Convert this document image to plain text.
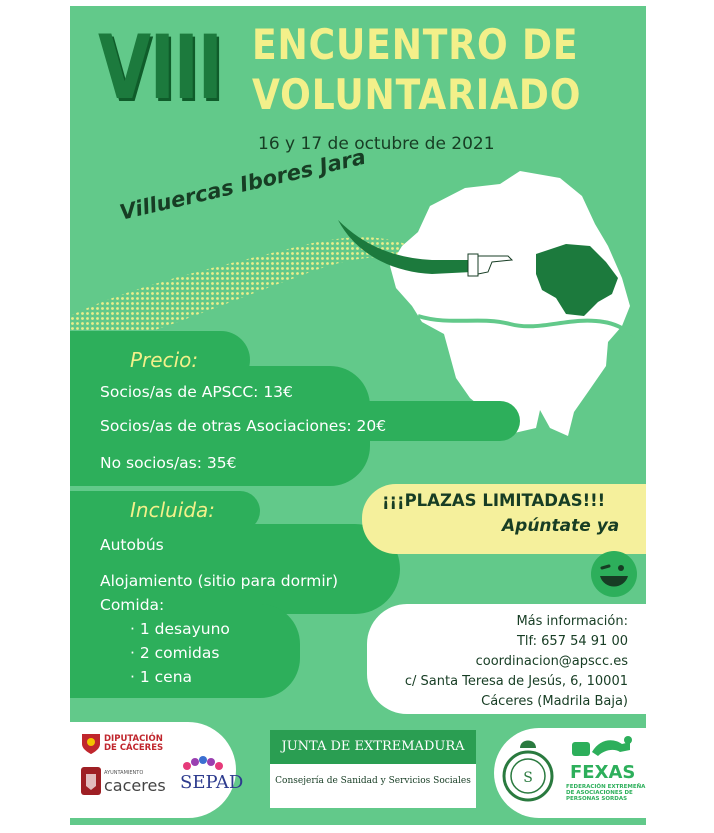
VIII ENCUENTRO DE
VOLUNTARIADO
16 y 17 de octubre de 2021
Villuercas Ibores Jara
Precio:
Socios/as de APSCC: 13€
Socios/as de otras Asociaciones: 20€
No socios/as: 35€
Incluida:
Autobús
Alojamiento (sitio para dormir)
Comida:
· 1 desayuno
· 2 comidas
· 1 cena
¡¡¡PLAZAS LIMITADAS!!!
Apúntate ya
Más información:
Tlf: 657 54 91 00
coordinacion@apscc.es
c/ Santa Teresa de Jesús, 6, 10001
Cáceres (Madrila Baja)
DIPUTACIÓN
DE CÁCERES
AYUNTAMIENTO
caceres SEPAD
JUNTA DE EXTREMADURA
Consejería de Sanidad y Servicios Sociales	S FEXAS
FEDERACIÓN EXTREMEÑA
DE ASOCIACIONES DE
PERSONAS SORDAS
